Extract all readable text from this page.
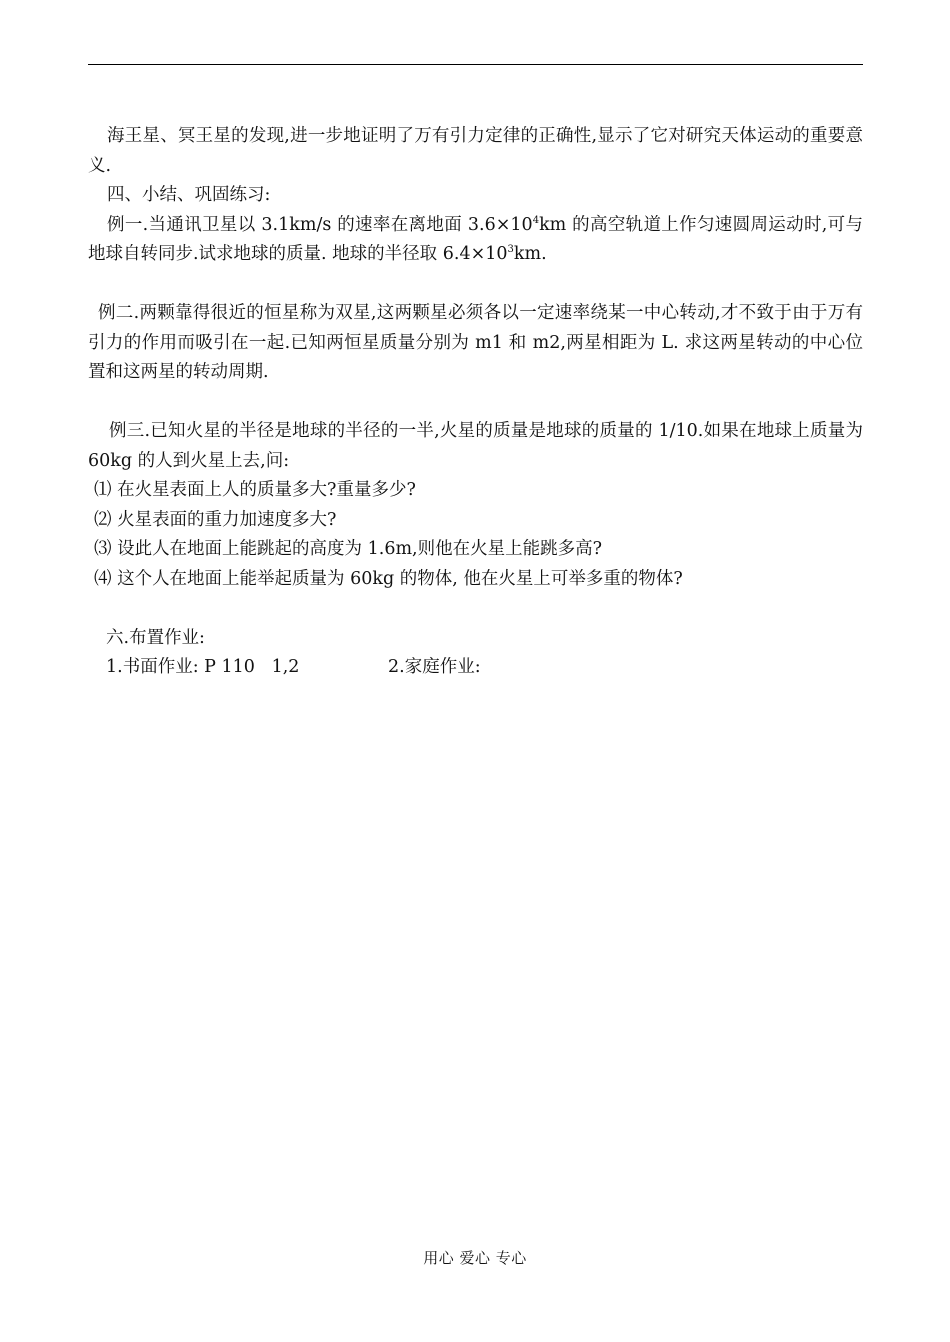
海王星、冥王星的发现,进一步地证明了万有引力定律的正确性,显示了它对研究天体运动的重要意义.

四、小结、巩固练习:

例一.当通讯卫星以 3.1km/s 的速率在离地面 $3.6\times 10^4km$ 的高空轨道上作匀速圆周运动时,可与地球自转同步.试求地球的质量. 地球的半径取 $6.4\times 10^3km$.

例二.两颗靠得很近的恒星称为双星,这两颗星必须各以一定速率绕某一中心转动,才不致于由于万有引力的作用而吸引在一起.已知两恒星质量分别为 m1 和 m2,两星相距为 L. 求这两星转动的中心位置和这两星的转动周期.

例三.已知火星的半径是地球的半径的一半,火星的质量是地球的质量的 1/10.如果在地球上质量为 60kg 的人到火星上去,问:

⑴ 在火星表面上人的质量多大?重量多少?

⑵ 火星表面的重力加速度多大?

⑶ 设此人在地面上能跳起的高度为 1.6m,则他在火星上能跳多高?

⑷ 这个人在地面上能举起质量为 60kg 的物体, 他在火星上可举多重的物体?

六.布置作业:

1.书面作业: P 110   1,2	2.家庭作业:

用心 爱心 专心
